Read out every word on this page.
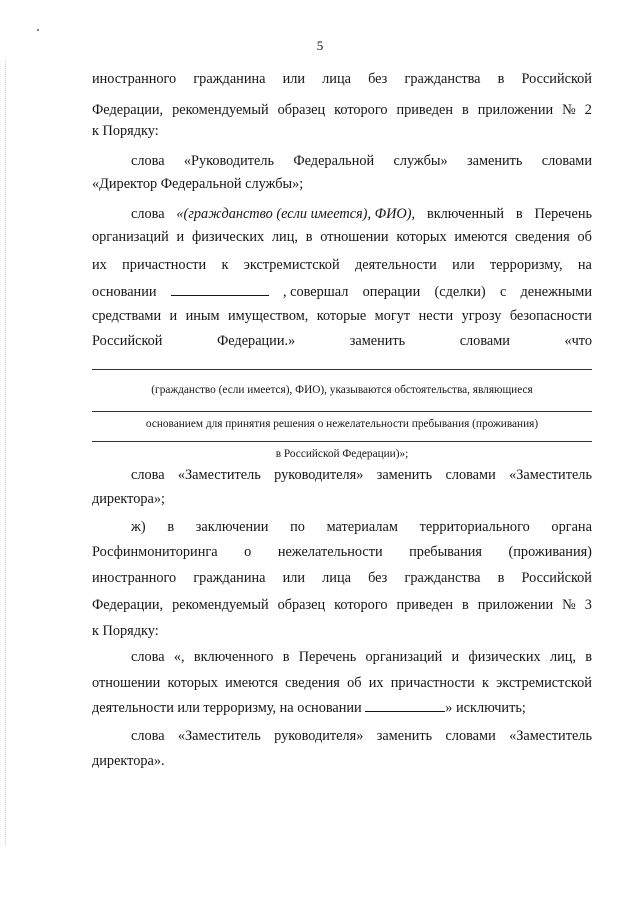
5
иностранного гражданина или лица без гражданства в Российской
Федерации, рекомендуемый образец которого приведен в приложении № 2
к Порядку:
слова «Руководитель Федеральной службы» заменить словами
«Директор Федеральной службы»;
слова «(гражданство (если имеется), ФИО), включенный в Перечень
организаций и физических лиц, в отношении которых имеются сведения об
их причастности к экстремистской деятельности или терроризму, на
основании	, совершал операции (сделки) с денежными
средствами и иным имуществом, которые могут нести угрозу безопасности
Российской	Федерации.»	заменить	словами	«что
(гражданство (если имеется), ФИО), указываются обстоятельства, являющиеся
основанием для принятия решения о нежелательности пребывания (проживания)
в Российской Федерации)»;
слова «Заместитель руководителя» заменить словами «Заместитель
директора»;
ж) в заключении по материалам территориального органа
Росфинмониторинга о нежелательности пребывания (проживания)
иностранного гражданина или лица без гражданства в Российской
Федерации, рекомендуемый образец которого приведен в приложении № 3
к Порядку:
слова «, включенного в Перечень организаций и физических лиц, в
отношении которых имеются сведения об их причастности к экстремистской
деятельности или терроризму, на основании	» исключить;
слова «Заместитель руководителя» заменить словами «Заместитель
директора».
